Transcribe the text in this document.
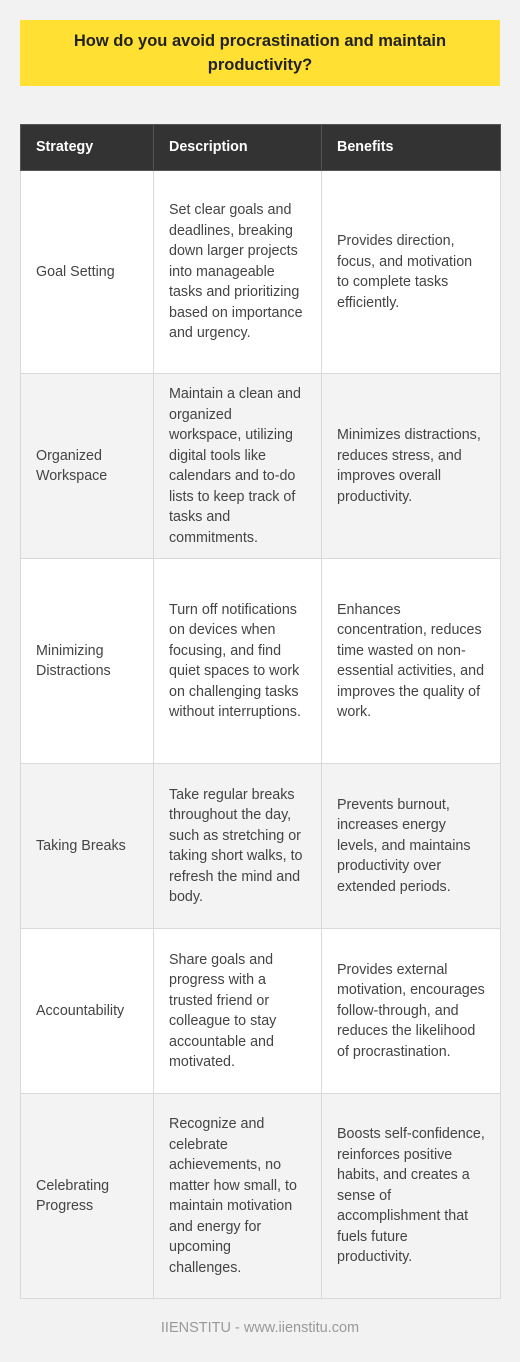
How do you avoid procrastination and maintain productivity?
Strategy	Description	Benefits
Goal Setting	Set clear goals and deadlines, breaking down larger projects into manageable tasks and prioritizing based on importance and urgency.	Provides direction, focus, and motivation to complete tasks efficiently.
Organized Workspace	Maintain a clean and organized workspace, utilizing digital tools like calendars and to-do lists to keep track of tasks and commitments.	Minimizes distractions, reduces stress, and improves overall productivity.
Minimizing Distractions	Turn off notifications on devices when focusing, and find quiet spaces to work on challenging tasks without interruptions.	Enhances concentration, reduces time wasted on non-essential activities, and improves the quality of work.
Taking Breaks	Take regular breaks throughout the day, such as stretching or taking short walks, to refresh the mind and body.	Prevents burnout, increases energy levels, and maintains productivity over extended periods.
Accountability	Share goals and progress with a trusted friend or colleague to stay accountable and motivated.	Provides external motivation, encourages follow-through, and reduces the likelihood of procrastination.
Celebrating Progress	Recognize and celebrate achievements, no matter how small, to maintain motivation and energy for upcoming challenges.	Boosts self-confidence, reinforces positive habits, and creates a sense of accomplishment that fuels future productivity.
IIENSTITU - www.iienstitu.com
